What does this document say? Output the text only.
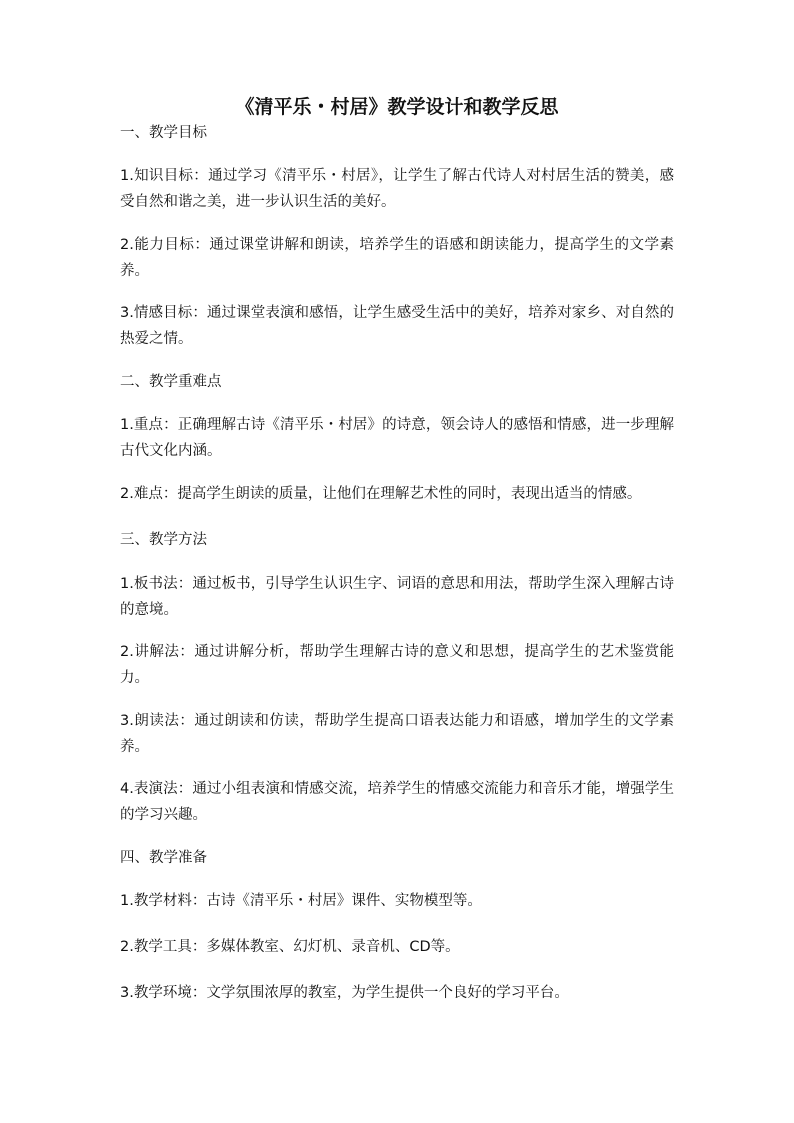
《清平乐・村居》教学设计和教学反思

一、教学目标

1.知识目标：通过学习《清平乐・村居》，让学生了解古代诗人对村居生活的赞美，感受自然和谐之美，进一步认识生活的美好。

2.能力目标：通过课堂讲解和朗读，培养学生的语感和朗读能力，提高学生的文学素养。

3.情感目标：通过课堂表演和感悟，让学生感受生活中的美好，培养对家乡、对自然的热爱之情。

二、教学重难点

1.重点：正确理解古诗《清平乐・村居》的诗意，领会诗人的感悟和情感，进一步理解古代文化内涵。

2.难点：提高学生朗读的质量，让他们在理解艺术性的同时，表现出适当的情感。

三、教学方法

1.板书法：通过板书，引导学生认识生字、词语的意思和用法，帮助学生深入理解古诗的意境。

2.讲解法：通过讲解分析，帮助学生理解古诗的意义和思想，提高学生的艺术鉴赏能力。

3.朗读法：通过朗读和仿读，帮助学生提高口语表达能力和语感，增加学生的文学素养。

4.表演法：通过小组表演和情感交流，培养学生的情感交流能力和音乐才能，增强学生的学习兴趣。

四、教学准备

1.教学材料：古诗《清平乐・村居》课件、实物模型等。

2.教学工具：多媒体教室、幻灯机、录音机、CD等。

3.教学环境：文学氛围浓厚的教室，为学生提供一个良好的学习平台。
